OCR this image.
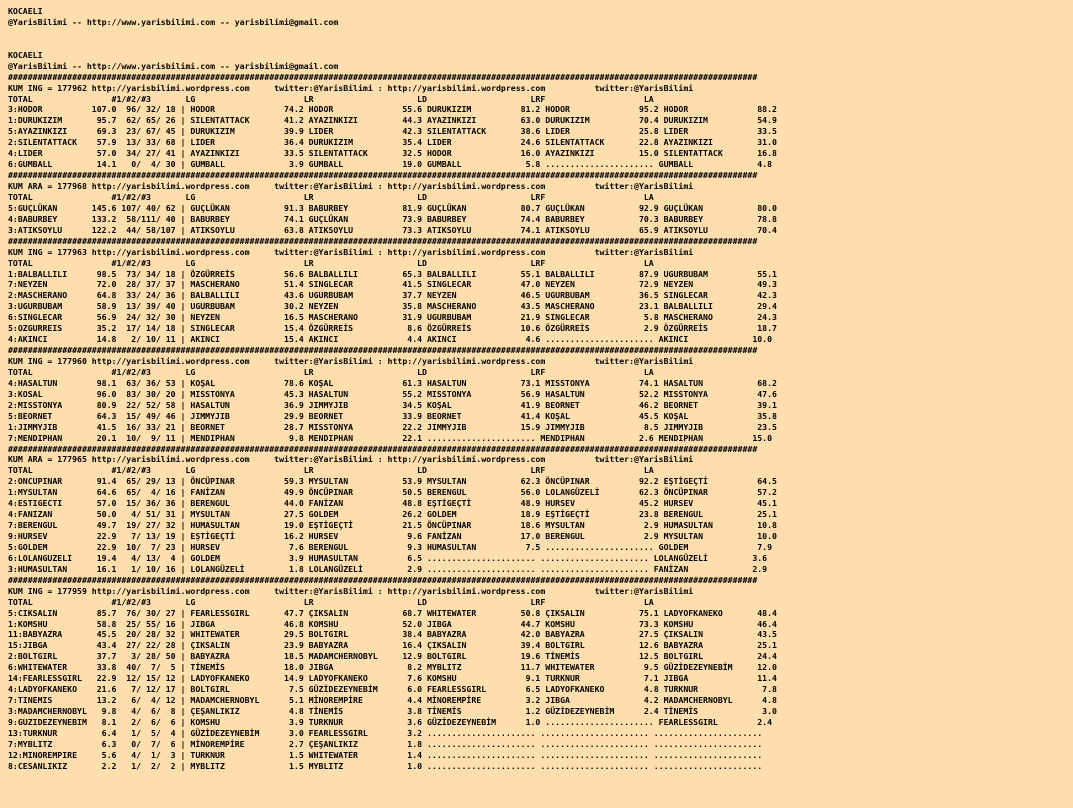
KOCAELI
@YarisBilimi -- http://www.yarisbilimi.com -- yarisbilimi@gmail.com
KOCAELI
@YarisBilimi -- http://www.yarisbilimi.com -- yarisbilimi@gmail.com
########################################################################################################################################################
KUM ING = 177962 http://yarisbilimi.wordpress.com     twitter:@YarisBilimi : http://yarisbilimi.wordpress.com          twitter:@YarisBilimi
TOTAL                #1/#2/#3       LG                      LR                     LD                     LRF                    LA
3:HODOR          107.0  96/ 32/ 18 | HODOR              74.2 HODOR              55.6 DURUKIZIM          81.2 HODOR              95.2 HODOR              88.2
1:DURUKIZIM       95.7  62/ 65/ 26 | SILENTATTACK       41.2 AYAZINKIZI         44.3 AYAZINKIZI         63.0 DURUKIZIM          70.4 DURUKIZIM          54.9
5:AYAZINKIZI      69.3  23/ 67/ 45 | DURUKIZIM          39.9 LIDER              42.3 SILENTATTACK       38.6 LIDER              25.8 LIDER              33.5
2:SILENTATTACK    57.9  13/ 33/ 68 | LIDER              36.4 DURUKIZIM          35.4 LIDER              24.6 SILENTATTACK       22.8 AYAZINKIZI         31.0
4:LIDER           57.0  34/ 27/ 41 | AYAZINKIZI         33.5 SILENTATTACK       32.5 HODOR              16.0 AYAZINKIZI         15.0 SILENTATTACK       16.8
6:GUMBALL         14.1   0/  4/ 30 | GUMBALL             3.9 GUMBALL            19.0 GUMBALL             5.8 ...................... GUMBALL             4.8
########################################################################################################################################################
KUM ARA = 177968 http://yarisbilimi.wordpress.com     twitter:@YarisBilimi : http://yarisbilimi.wordpress.com          twitter:@YarisBilimi
TOTAL                #1/#2/#3       LG                      LR                     LD                     LRF                    LA
5:GUÇLÜKAN       145.6 107/ 40/ 62 | GUÇLÜKAN           91.3 BABURBEY           81.9 GUÇLÜKAN           80.7 GUÇLÜKAN           92.9 GUÇLÜKAN           80.0
4:BABURBEY       133.2  58/111/ 40 | BABURBEY           74.1 GUÇLÜKAN           73.9 BABURBEY           74.4 BABURBEY           70.3 BABURBEY           78.8
3:ATIKSOYLU      122.2  44/ 58/107 | ATIKSOYLU          63.8 ATIKSOYLU          73.3 ATIKSOYLU          74.1 ATIKSOYLU          65.9 ATIKSOYLU          70.4
########################################################################################################################################################
KUM ING = 177963 http://yarisbilimi.wordpress.com     twitter:@YarisBilimi : http://yarisbilimi.wordpress.com          twitter:@YarisBilimi
TOTAL                #1/#2/#3       LG                      LR                     LD                     LRF                    LA
1:BALBALLILI      98.5  73/ 34/ 18 | ÖZGÜRREİS          56.6 BALBALLILI         65.3 BALBALLILI         55.1 BALBALLILI         87.9 UGURBUBAM          55.1
7:NEYZEN          72.0  28/ 37/ 37 | MASCHERANO         51.4 SINGLECAR          41.5 SINGLECAR          47.0 NEYZEN             72.9 NEYZEN             49.3
2:MASCHERANO      64.8  33/ 24/ 36 | BALBALLILI         43.6 UGURBUBAM          37.7 NEYZEN             46.5 UGURBUBAM          36.5 SINGLECAR          42.3
3:UGURBUBAM       58.9  13/ 39/ 40 | UGURBUBAM          30.2 NEYZEN             35.8 MASCHERANO         43.5 MASCHERANO         23.1 BALBALLILI         29.4
6:SINGLECAR       56.9  24/ 32/ 30 | NEYZEN             16.5 MASCHERANO         31.9 UGURBUBAM          21.9 SINGLECAR           5.8 MASCHERANO         24.3
5:OZGURREIS       35.2  17/ 14/ 18 | SINGLECAR          15.4 ÖZGÜRREİS           8.6 ÖZGÜRREİS          10.6 ÖZGÜRREİS           2.9 ÖZGÜRREİS          18.7
4:AKINCI          14.8   2/ 10/ 11 | AKINCI             15.4 AKINCI              4.4 AKINCI              4.6 ...................... AKINCI             10.0
########################################################################################################################################################
KUM ING = 177960 http://yarisbilimi.wordpress.com     twitter:@YarisBilimi : http://yarisbilimi.wordpress.com          twitter:@YarisBilimi
TOTAL                #1/#2/#3       LG                      LR                     LD                     LRF                    LA
4:HASALTUN        98.1  63/ 36/ 53 | KOŞAL              78.6 KOŞAL              61.3 HASALTUN           73.1 MISSTONYA          74.1 HASALTUN           68.2
3:KOSAL           96.0  83/ 30/ 20 | MISSTONYA          45.3 HASALTUN           55.2 MISSTONYA          56.9 HASALTUN           52.2 MISSTONYA          47.6
2:MISSTONYA       80.9  22/ 52/ 58 | HASALTUN           36.9 JIMMYJIB           34.5 KOŞAL              41.9 BEORNET            46.2 BEORNET            39.1
5:BEORNET         64.3  15/ 49/ 46 | JIMMYJIB           29.9 BEORNET            33.9 BEORNET            41.4 KOŞAL              45.5 KOŞAL              35.8
1:JIMMYJIB        41.5  16/ 33/ 21 | BEORNET            28.7 MISSTONYA          22.2 JIMMYJIB           15.9 JIMMYJIB            8.5 JIMMYJIB           23.5
7:MENDIPHAN       20.1  10/  9/ 11 | MENDIPHAN           9.8 MENDIPHAN          22.1 ...................... MENDIPHAN           2.6 MENDIPHAN          15.0
########################################################################################################################################################
KUM ARA = 177965 http://yarisbilimi.wordpress.com     twitter:@YarisBilimi : http://yarisbilimi.wordpress.com          twitter:@YarisBilimi
TOTAL                #1/#2/#3       LG                      LR                     LD                     LRF                    LA
2:ONCUPINAR       91.4  65/ 29/ 13 | ÖNCÜPINAR          59.3 MYSULTAN           53.9 MYSULTAN           62.3 ÖNCÜPINAR          92.2 EŞTİGEÇTİ          64.5
1:MYSULTAN        64.6  65/  4/ 16 | FANİZAN            49.9 ÖNCÜPINAR          50.5 BERENGUL           56.0 LOLANGÜZELİ        62.3 ÖNCÜPINAR          57.2
4:ESTIGECTI       57.0  15/ 36/ 36 | BERENGUL           44.0 FANİZAN            48.8 EŞTİGEÇTİ          48.9 HURSEV             45.2 HURSEV             45.1
4:FANIZAN         50.0   4/ 51/ 31 | MYSULTAN           27.5 GOLDEM             26.2 GOLDEM             18.9 EŞTİGEÇTİ          23.8 BERENGUL           25.1
7:BERENGUL        49.7  19/ 27/ 32 | HUMASULTAN         19.0 EŞTİGEÇTİ          21.5 ÖNCÜPINAR          18.6 MYSULTAN            2.9 HUMASULTAN         10.8
9:HURSEV          22.9   7/ 13/ 19 | EŞTİGEÇTİ          16.2 HURSEV              9.6 FANİZAN            17.0 BERENGUL            2.9 MYSULTAN           10.0
5:GOLDEM          22.9  10/  7/ 23 | HURSEV              7.6 BERENGUL            9.3 HUMASULTAN          7.5 ...................... GOLDEM              7.9
6:LOLANGUZELI     19.4   4/ 13/  4 | GOLDEM              3.9 HUMASULTAN          6.5 ...................... ...................... LOLANGÜZELİ         3.6
3:HUMASULTAN      16.1   1/ 10/ 16 | LOLANGÜZELİ         1.8 LOLANGÜZELİ         2.9 ...................... ...................... FANİZAN             2.9
########################################################################################################################################################
KUM ING = 177959 http://yarisbilimi.wordpress.com     twitter:@YarisBilimi : http://yarisbilimi.wordpress.com          twitter:@YarisBilimi
TOTAL                #1/#2/#3       LG                      LR                     LD                     LRF                    LA
5:CIKSALIN        85.7  76/ 30/ 27 | FEARLESSGIRL       47.7 ÇIKSALIN           68.7 WHITEWATER         50.8 ÇIKSALIN           75.1 LADYOFKANEKO       48.4
1:KOMSHU          58.8  25/ 55/ 16 | JIBGA              46.8 KOMSHU             52.0 JIBGA              44.7 KOMSHU             73.3 KOMSHU             46.4
11:BABYAZRA       45.5  20/ 28/ 32 | WHITEWATER         29.5 BOLTGIRL           38.4 BABYAZRA           42.0 BABYAZRA           27.5 ÇIKSALIN           43.5
15:JIBGA          43.4  27/ 22/ 28 | ÇIKSALIN           23.9 BABYAZRA           16.4 ÇIKSALIN           39.4 BOLTGIRL           12.6 BABYAZRA           25.1
2:BOLTGIRL        37.7   3/ 28/ 50 | BABYAZRA           18.5 MADAMCHERNOBYL     12.9 BOLTGIRL           19.6 TİNEMİS            12.5 BOLTGIRL           24.4
6:WHITEWATER      33.8  40/  7/  5 | TİNEMİS            18.0 JIBGA               8.2 MYBLITZ            11.7 WHITEWATER          9.5 GÜZİDEZEYNEBİM     12.0
14:FEARLESSGIRL   22.9  12/ 15/ 12 | LADYOFKANEKO       14.9 LADYOFKANEKO        7.6 KOMSHU              9.1 TURKNUR             7.1 JIBGA              11.4
4:LADYOFKANEKO    21.6   7/ 12/ 17 | BOLTGIRL            7.5 GÜZİDEZEYNEBİM      6.0 FEARLESSGIRL        6.5 LADYOFKANEKO        4.8 TURKNUR             7.8
7:TINEMIS         13.2   6/  4/ 12 | MADAMCHERNOBYL      5.1 MİNOREMPİRE         4.4 MİNOREMPİRE         3.2 JIBGA               4.2 MADAMCHERNOBYL      4.8
3:MADAMCHERNOBYL   9.8   4/  6/  8 | ÇEŞANLIKIZ          4.8 TİNEMİS             3.8 TİNEMİS             1.2 GÜZİDEZEYNEBİM      2.4 TİNEMİS             3.0
9:GUZIDEZEYNEBIM   8.1   2/  6/  6 | KOMSHU              3.9 TURKNUR             3.6 GÜZİDEZEYNEBİM      1.0 ...................... FEARLESSGIRL        2.4
13:TURKNUR         6.4   1/  5/  4 | GÜZİDEZEYNEBİM      3.0 FEARLESSGIRL        3.2 ...................... ...................... ......................
7:MYBLITZ          6.3   0/  7/  6 | MİNOREMPİRE         2.7 ÇEŞANLIKIZ          1.8 ...................... ...................... ......................
12:MINOREMPIRE     5.6   4/  1/  3 | TURKNUR             1.5 WHITEWATER          1.4 ...................... ...................... ......................
8:CESANLIKIZ       2.2   1/  2/  2 | MYBLITZ             1.5 MYBLITZ             1.0 ...................... ...................... ......................
